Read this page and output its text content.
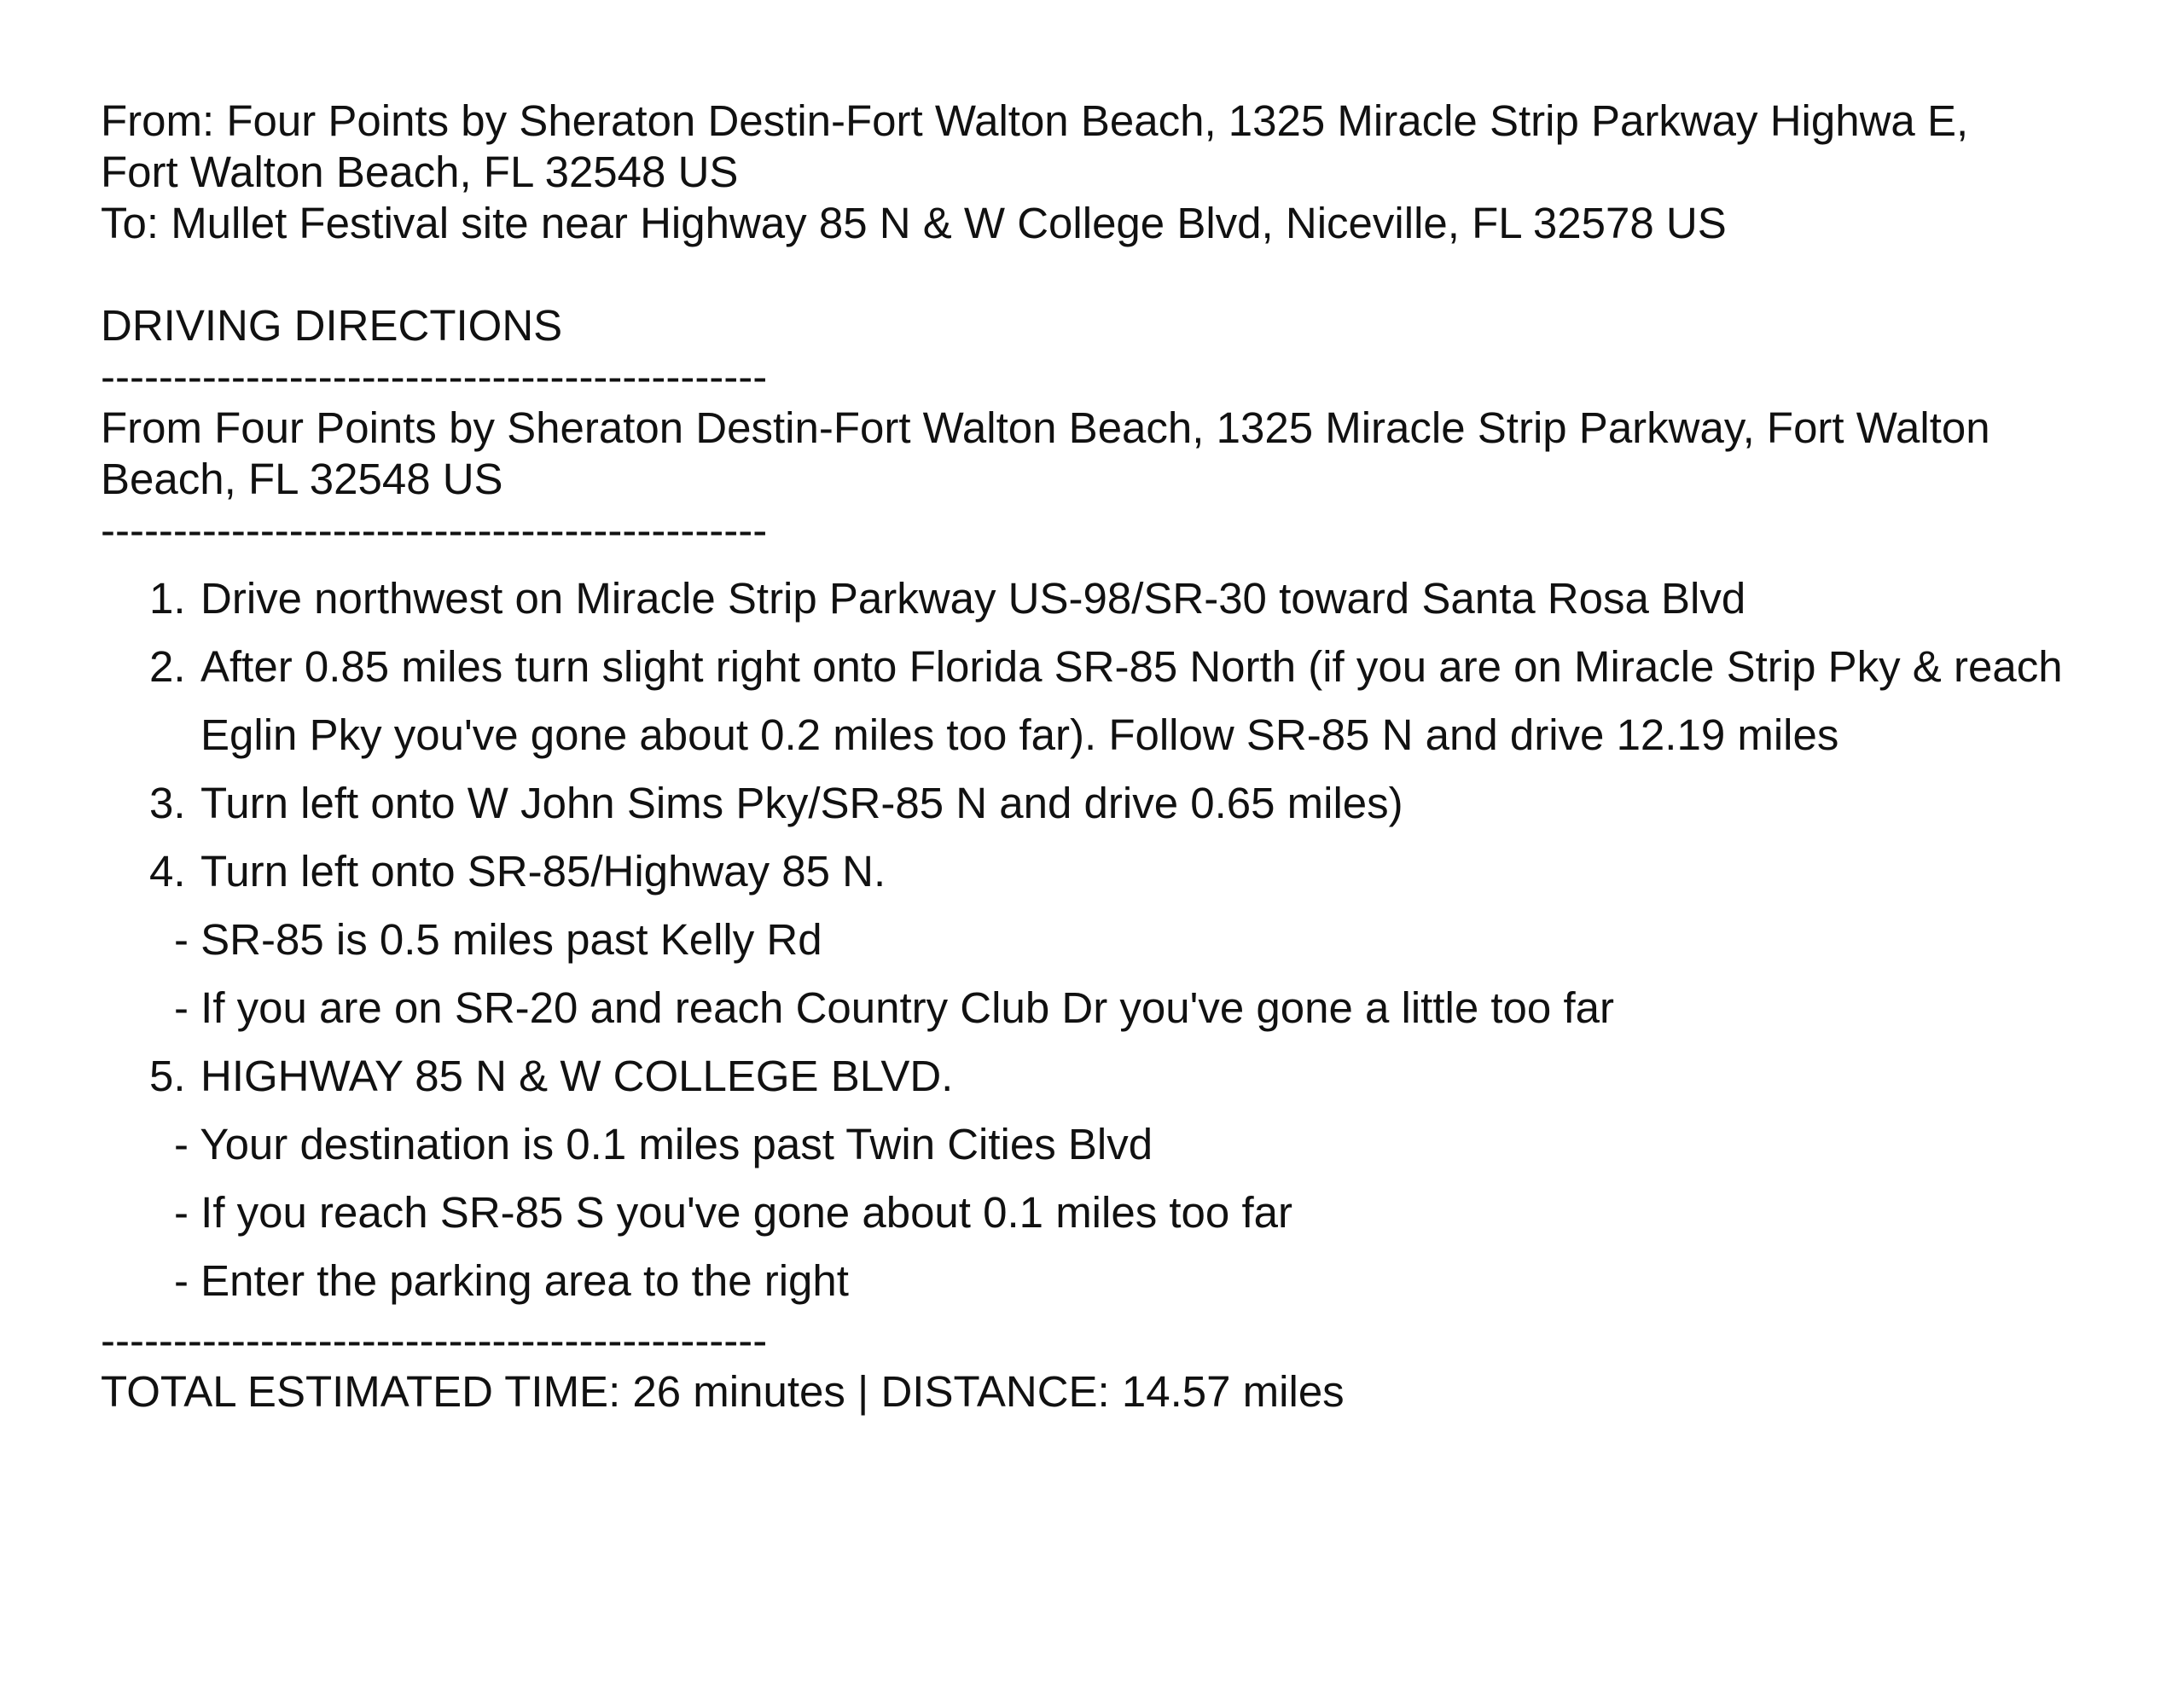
From: Four Points by Sheraton Destin-Fort Walton Beach, 1325 Miracle Strip Parkway Highwa E,
Fort Walton Beach, FL 32548 US
To: Mullet Festival site near Highway 85 N & W College Blvd, Niceville, FL 32578 US
DRIVING DIRECTIONS
----------------------------------------------
From Four Points by Sheraton Destin-Fort Walton Beach, 1325 Miracle Strip Parkway, Fort Walton
Beach, FL 32548 US
----------------------------------------------
1. Drive northwest on Miracle Strip Parkway US-98/SR-30 toward Santa Rosa Blvd
2. After 0.85 miles turn slight right onto Florida SR-85 North (if you are on Miracle Strip Pky & reach Eglin Pky you've gone about 0.2 miles too far). Follow SR-85 N and drive 12.19 miles
3. Turn left onto W John Sims Pky/SR-85 N and drive 0.65 miles)
4. Turn left onto SR-85/Highway 85 N.
- SR-85 is 0.5 miles past Kelly Rd
- If you are on SR-20 and reach Country Club Dr you've gone a little too far
5. HIGHWAY 85 N & W COLLEGE BLVD.
- Your destination is 0.1 miles past Twin Cities Blvd
- If you reach SR-85 S you've gone about 0.1 miles too far
- Enter the parking area to the right
----------------------------------------------
TOTAL ESTIMATED TIME: 26 minutes | DISTANCE: 14.57 miles
